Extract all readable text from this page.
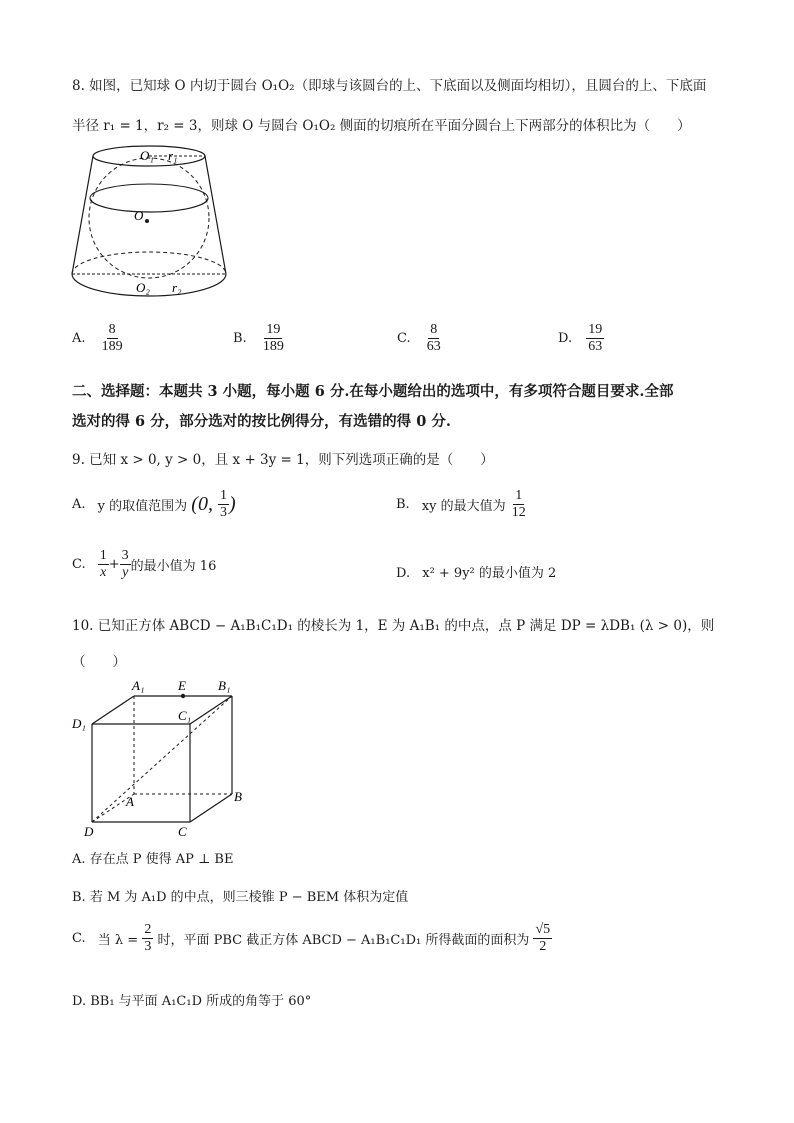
8. 如图，已知球 O 内切于圆台 O₁O₂（即球与该圆台的上、下底面以及侧面均相切），且圆台的上、下底面
半径 r₁ = 1，r₂ = 3，则球 O 与圆台 O₁O₂ 侧面的切痕所在平面分圆台上下两部分的体积比为（　　）
O₁ r₁
O
O₂ r₂
A. $\frac{8}{189}$	B. $\frac{19}{189}$	C. $\frac{8}{63}$	D. $\frac{19}{63}$
二、选择题：本题共 3 小题，每小题 6 分.在每小题给出的选项中，有多项符合题目要求.全部
选对的得 6 分，部分选对的按比例得分，有选错的得 0 分.
9. 已知 x > 0, y > 0，且 x + 3y = 1，则下列选项正确的是（　　）
A. y 的取值范围为 (0, $\frac{1}{3}$ )	B. xy 的最大值为 $\frac{1}{12}$
C. $\frac{1}{x} + \frac{3}{y}$ 的最小值为 16	D. x² + 9y² 的最小值为 2
10. 已知正方体 ABCD − A₁B₁C₁D₁ 的棱长为 1，E 为 A₁B₁ 的中点，点 P 满足 DP = λDB₁ (λ > 0)，则
（　　）
A₁	E B₁
D₁
C₁
A	B
D	C
A. 存在点 P 使得 AP ⊥ BE
B. 若 M 为 A₁D 的中点，则三棱锥 P − BEM 体积为定值
C. 当 $\lambda = \frac{2}{3}$ 时，平面 PBC 截正方体 ABCD − A₁B₁C₁D₁ 所得截面的面积为 $\frac{√5}{2}$
D. BB₁ 与平面 A₁C₁D 所成的角等于 60°
